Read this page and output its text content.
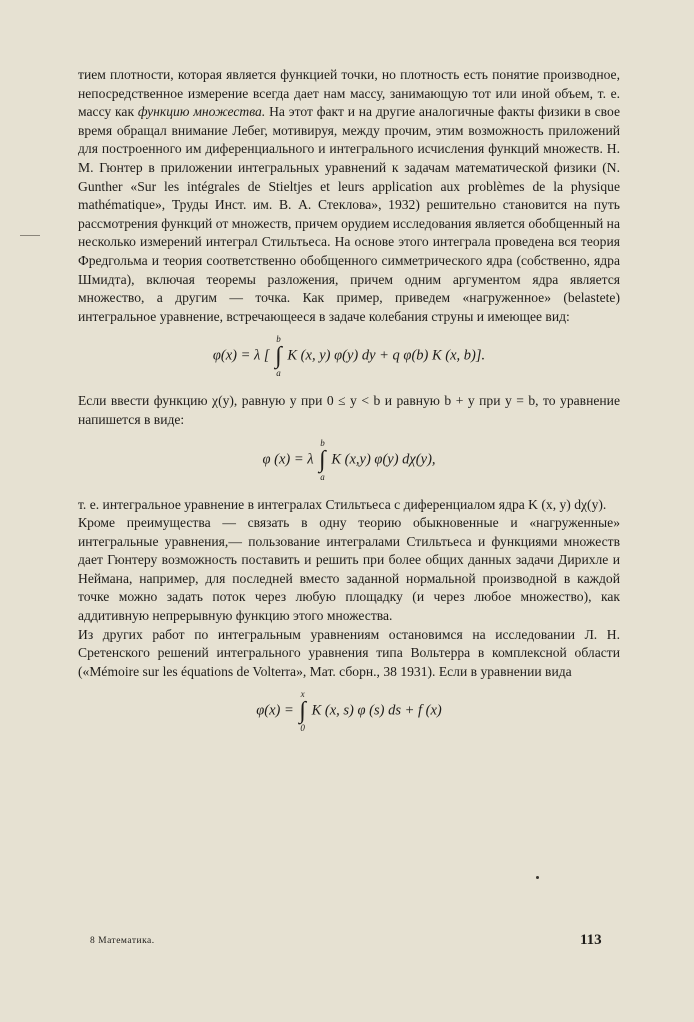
тием плотности, которая является функцией точки, но плотность есть понятие производное, непосредственное измерение всегда дает нам массу, занимающую тот или иной объем, т. е. массу как функцию множества. На этот факт и на другие аналогичные факты физики в свое время обращал внимание Лебег, мотивируя, между прочим, этим возможность приложений для построенного им диференциального и интегрального исчисления функций множеств. Н. М. Гюнтер в приложении интегральных уравнений к задачам математической физики (N. Gunther «Sur les intégrales de Stieltjes et leurs application aux problèmes de la physique mathématique», Труды Инст. им. В. А. Стеклова», 1932) решительно становится на путь рассмотрения функций от множеств, причем орудием исследования является обобщенный на несколько измерений интеграл Стильтьеса. На основе этого интеграла проведена вся теория Фредгольма и теория соответственно обобщенного симметрического ядра (собственно, ядра Шмидта), включая теоремы разложения, причем одним аргументом ядра является множество, а другим — точка. Как пример, приведем «нагруженное» (belastete) интегральное уравнение, встречающееся в задаче колебания струны и имеющее вид:

φ(x) = λ [ b
∫
a K (x, y) φ(y) dy + q φ(b) K (x, b)].

Если ввести функцию χ(y), равную y при 0 ≤ y < b и равную b + y при y = b, то уравнение напишется в виде:

φ (x) = λ b
∫
a K (x,y) φ(y) dχ(y),

т. е. интегральное уравнение в интегралах Стильтьеса с диференциалом ядра K (x, y) dχ(y).

Кроме преимущества — связать в одну теорию обыкновенные и «нагруженные» интегральные уравнения,— пользование интегралами Стильтьеса и функциями множеств дает Гюнтеру возможность поставить и решить при более общих данных задачи Дирихле и Неймана, например, для последней вместо заданной нормальной производной в каждой точке можно задать поток через любую площадку (и через любое множество), как аддитивную непрерывную функцию этого множества.

Из других работ по интегральным уравнениям остановимся на исследовании Л. Н. Сретенского решений интегрального уравнения типа Вольтерра в комплексной области («Mémoire sur les équations de Volterra», Мат. сборн., 38 1931). Если в уравнении вида

φ(x) = x
∫
0 K (x, s) φ (s) ds + f (x)
8 Математика.	113
